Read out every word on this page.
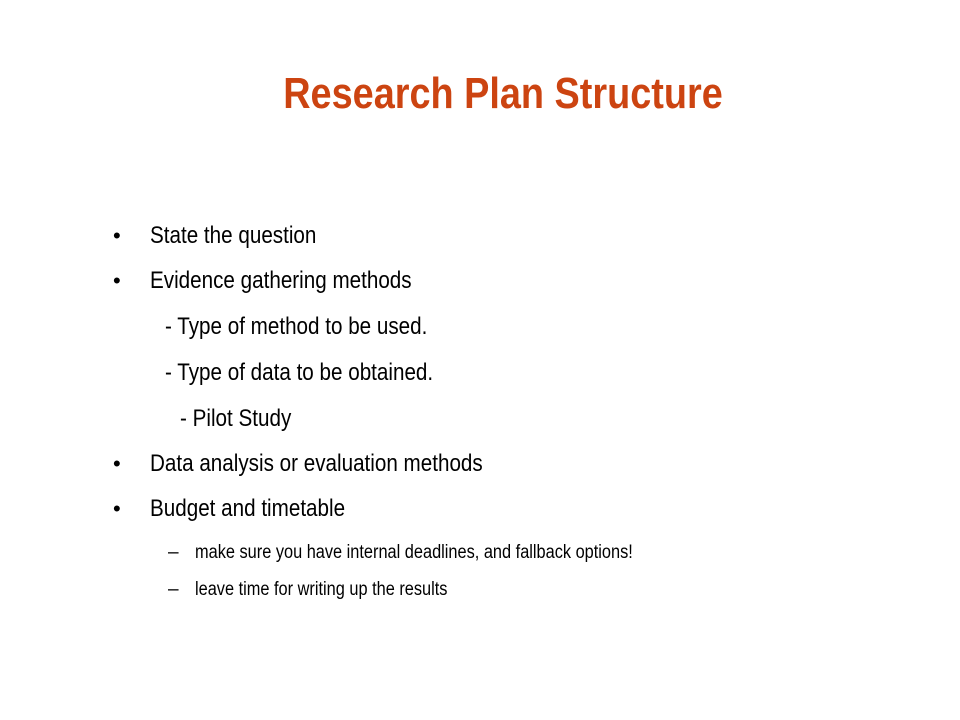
Research Plan Structure
• State the question
• Evidence gathering methods
- Type of method to be used.
- Type of data to be obtained.
- Pilot Study
• Data analysis or evaluation methods
• Budget and timetable
– make sure you have internal deadlines, and fallback options!
– leave time for writing up the results
